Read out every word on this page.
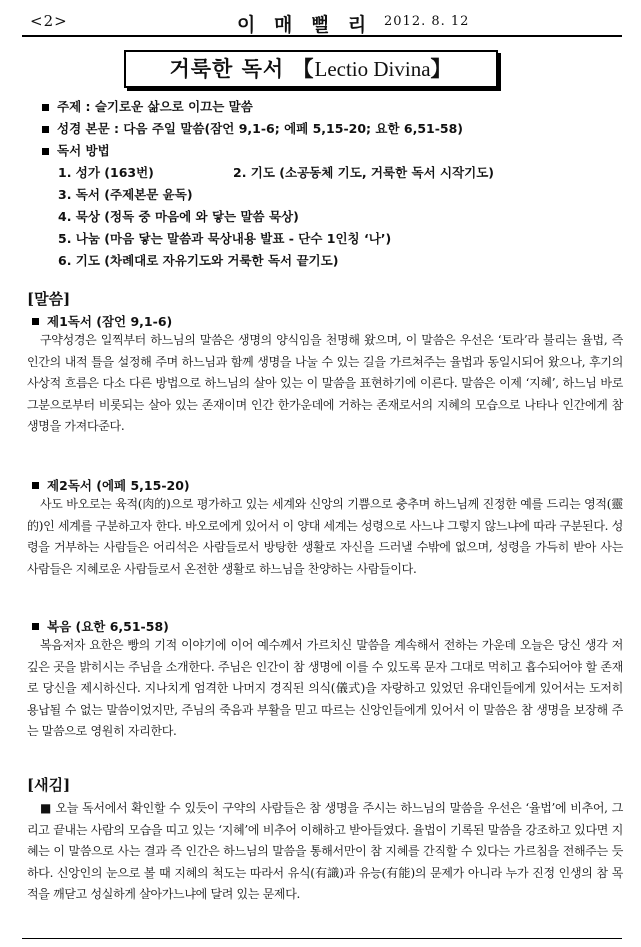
<2>	이 매 뻘 리 2012. 8. 12
거룩한 독서 【Lectio Divina】
주제 : 슬기로운 삶으로 이끄는 말씀
성경 본문 : 다음 주일 말씀(잠언 9,1-6; 에페 5,15-20; 요한 6,51-58)
독서 방법
1. 성가 (163번)	2. 기도 (소공동체 기도, 거룩한 독서 시작기도)
3. 독서 (주제본문 윤독)
4. 묵상 (정독 중 마음에 와 닿는 말씀 묵상)
5. 나눔 (마음 닿는 말씀과 묵상내용 발표 - 단수 1인칭 ‘나’)
6. 기도 (차례대로 자유기도와 거룩한 독서 끝기도)
[말씀]
제1독서 (잠언 9,1-6)
구약성경은 일찍부터 하느님의 말씀은 생명의 양식임을 천명해 왔으며, 이 말씀은 우선은 ‘토라’라 불리는 율법, 즉 인간의 내적 틀을 설정해 주며 하느님과 함께 생명을 나눌 수 있는 길을 가르쳐주는 율법과 동일시되어 왔으나, 후기의 사상적 흐름은 다소 다른 방법으로 하느님의 살아 있는 이 말씀을 표현하기에 이른다. 말씀은 이제 ‘지혜’, 하느님 바로 그분으로부터 비롯되는 살아 있는 존재이며 인간 한가운데에 거하는 존재로서의 지혜의 모습으로 나타나 인간에게 참 생명을 가져다준다.
제2독서 (에페 5,15-20)
사도 바오로는 육적(肉的)으로 평가하고 있는 세계와 신앙의 기쁨으로 충추며 하느님께 진정한 예를 드리는 영적(靈的)인 세계를 구분하고자 한다. 바오로에게 있어서 이 양대 세계는 성령으로 사느냐 그렇지 않느냐에 따라 구분된다. 성령을 거부하는 사람들은 어리석은 사람들로서 방탕한 생활로 자신을 드러낼 수밖에 없으며, 성령을 가득히 받아 사는 사람들은 지혜로운 사람들로서 온전한 생활로 하느님을 찬양하는 사람들이다.
복음 (요한 6,51-58)
복음저자 요한은 빵의 기적 이야기에 이어 예수께서 가르치신 말씀을 계속해서 전하는 가운데 오늘은 당신 생각 저 깊은 곳을 밝히시는 주님을 소개한다. 주님은 인간이 참 생명에 이를 수 있도록 문자 그대로 먹히고 흡수되어야 할 존재로 당신을 제시하신다. 지나치게 엄격한 나머지 경직된 의식(儀式)을 자랑하고 있었던 유대인들에게 있어서는 도저히 용납될 수 없는 말씀이었지만, 주님의 죽음과 부활을 믿고 따르는 신앙인들에게 있어서 이 말씀은 참 생명을 보장해 주는 말씀으로 영원히 자리한다.
[새김]
■ 오늘 독서에서 확인할 수 있듯이 구약의 사람들은 참 생명을 주시는 하느님의 말씀을 우선은 ‘율법’에 비추어, 그리고 끝내는 사람의 모습을 띠고 있는 ‘지혜’에 비추어 이해하고 받아들였다. 율법이 기록된 말씀을 강조하고 있다면 지혜는 이 말씀으로 사는 결과 즉 인간은 하느님의 말씀을 통해서만이 참 지혜를 간직할 수 있다는 가르침을 전해주는 듯하다. 신앙인의 눈으로 볼 때 지혜의 척도는 따라서 유식(有識)과 유능(有能)의 문제가 아니라 누가 진정 인생의 참 목적을 깨닫고 성실하게 살아가느냐에 달려 있는 문제다.
